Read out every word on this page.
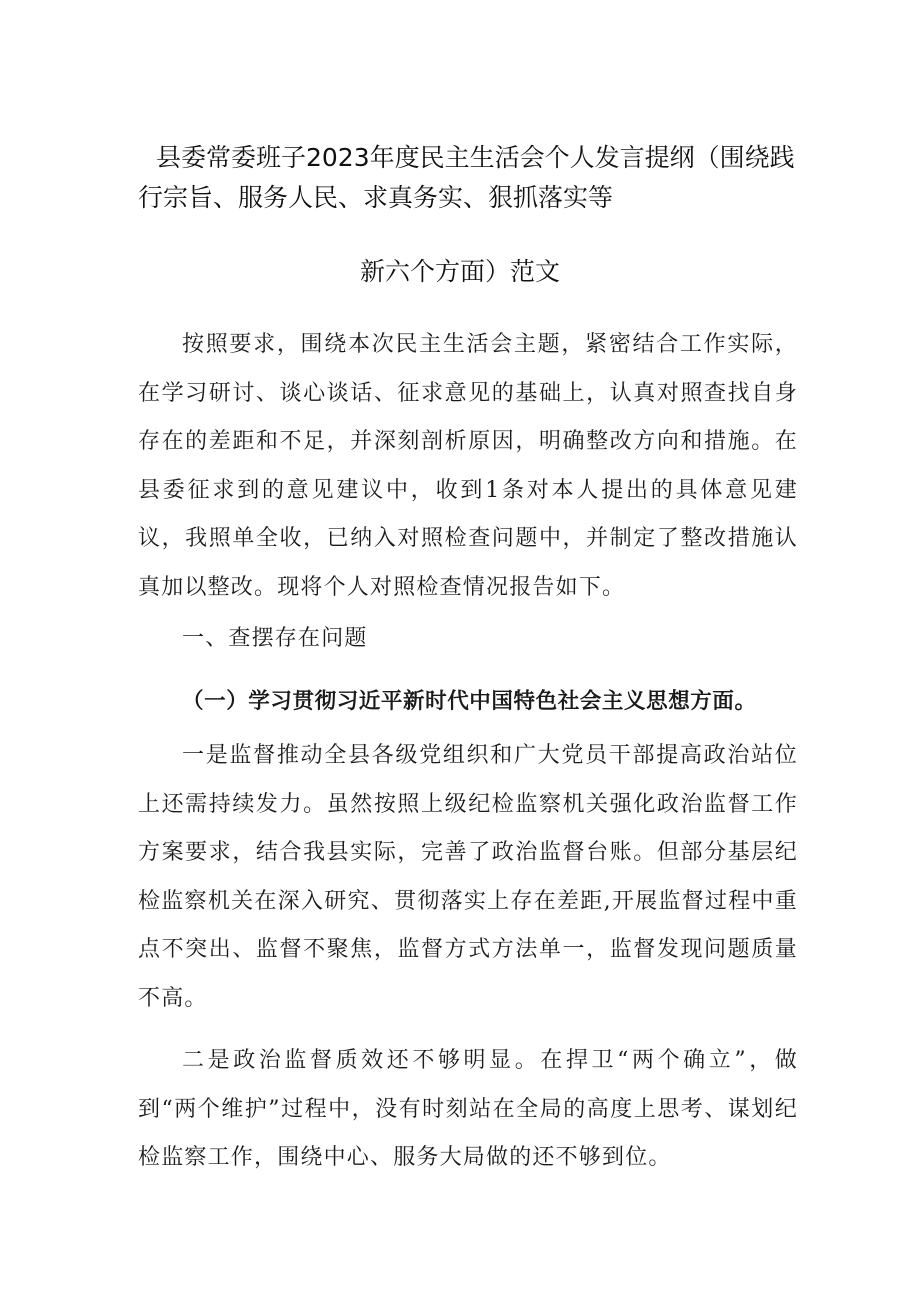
县委常委班子2023年度民主生活会个人发言提纲（围绕践
行宗旨、服务人民、求真务实、狠抓落实等
新六个方面）范文

按照要求，围绕本次民主生活会主题，紧密结合工作实际，在学习研讨、谈心谈话、征求意见的基础上，认真对照查找自身存在的差距和不足，并深刻剖析原因，明确整改方向和措施。在县委征求到的意见建议中，收到1条对本人提出的具体意见建议，我照单全收，已纳入对照检查问题中，并制定了整改措施认真加以整改。现将个人对照检查情况报告如下。

一、查摆存在问题

（一）学习贯彻习近平新时代中国特色社会主义思想方面。

一是监督推动全县各级党组织和广大党员干部提高政治站位上还需持续发力。虽然按照上级纪检监察机关强化政治监督工作方案要求，结合我县实际，完善了政治监督台账。但部分基层纪检监察机关在深入研究、贯彻落实上存在差距,开展监督过程中重点不突出、监督不聚焦，监督方式方法单一，监督发现问题质量不高。

二是政治监督质效还不够明显。在捍卫“两个确立”，做到“两个维护”过程中，没有时刻站在全局的高度上思考、谋划纪检监察工作，围绕中心、服务大局做的还不够到位。
